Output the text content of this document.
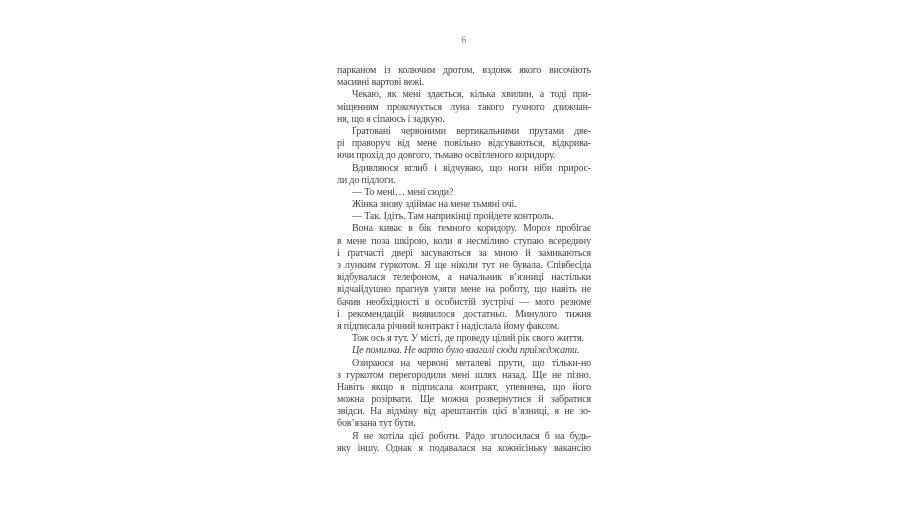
6
парканом із колючим дротом, вздовж якого височіють
масивні вартові вежі.
Чекаю, як мені здається, кілька хвилин, а тоді при-
міщенням прокочується луна такого гучного дзижчан-
ня, що я сіпаюсь і задкую.
Ґратовані червоними вертикальними прутами две-
рі праворуч від мене повільно відсуваються, відкрива-
ючи прохід до довгого, тьмаво освітленого коридору.
Вдивляюся вглиб і відчуваю, що ноги ніби прирос-
ли до підлоги.
— То мені… мені сюди?
Жінка знову здіймає на мене тьмяні очі.
— Так. Ідіть. Там наприкінці пройдете контроль.
Вона киває в бік темного коридору. Мороз пробігає
в мене поза шкірою, коли я несміливо ступаю всередину
і ґратчасті двері засуваються за мною й замикаються
з лунким гуркотом. Я ще ніколи тут не бувала. Співбесіда
відбувалася телефоном, а начальник в’язниці настільки
відчайдушно прагнув узяти мене на роботу, що навіть не
бачив необхідності в особистій зустрічі — мого резюме
і рекомендацій виявилося достатньо. Минулого тижня
я підписала річний контракт і надіслала йому факсом.
Тож ось я тут. У місті, де проведу цілий рік свого життя.
Це помилка. Не варто було взагалі сюди приїжджати.
Озираюся на червоні металеві прути, що тільки-но
з гуркотом перегородили мені шлях назад. Ще не пізно.
Навіть якщо я підписала контракт, упевнена, що його
можна розірвати. Ще можна розвернутися й забратися
звідси. На відміну від арештантів цієї в’язниці, я не зо-
бов’язана тут бути.
Я не хотіла цієї роботи. Радо зголосилася б на будь-
яку іншу. Однак я подавалася на кожнісіньку вакансію
